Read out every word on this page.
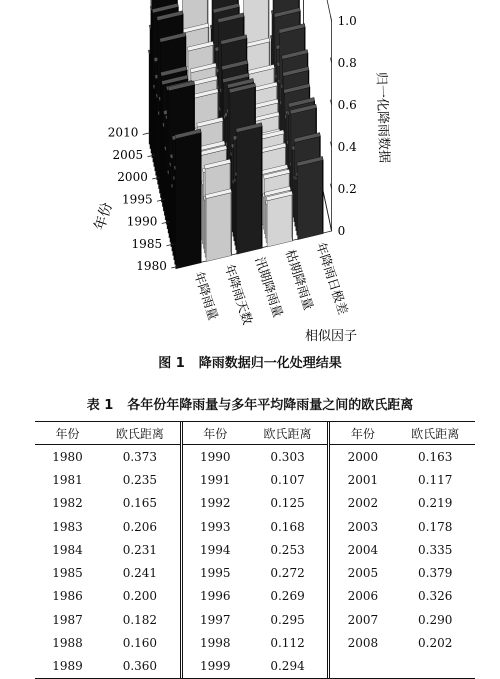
0
0.2
0.4
0.6
0.8
1.0
1980
1985
1990
1995
2000
2005
2010
年份
年降雨量 年降雨天数
汛期降雨量
枯期降雨量
年降雨日极差
相似因子
归一化降雨数据
图 1 降雨数据归一化处理结果
表 1 各年份年降雨量与多年平均降雨量之间的欧氏距离
年份	欧氏距离
1980	0.373
1981	0.235
1982	0.165
1983	0.206
1984	0.231
1985	0.241
1986	0.200
1987	0.182
1988	0.160
1989	0.360
年份	欧氏距离
1990	0.303
1991	0.107
1992	0.125
1993	0.168
1994	0.253
1995	0.272
1996	0.269
1997	0.295
1998	0.112
1999	0.294
年份	欧氏距离
2000	0.163
2001	0.117
2002	0.219
2003	0.178
2004	0.335
2005	0.379
2006	0.326
2007	0.290
2008	0.202
